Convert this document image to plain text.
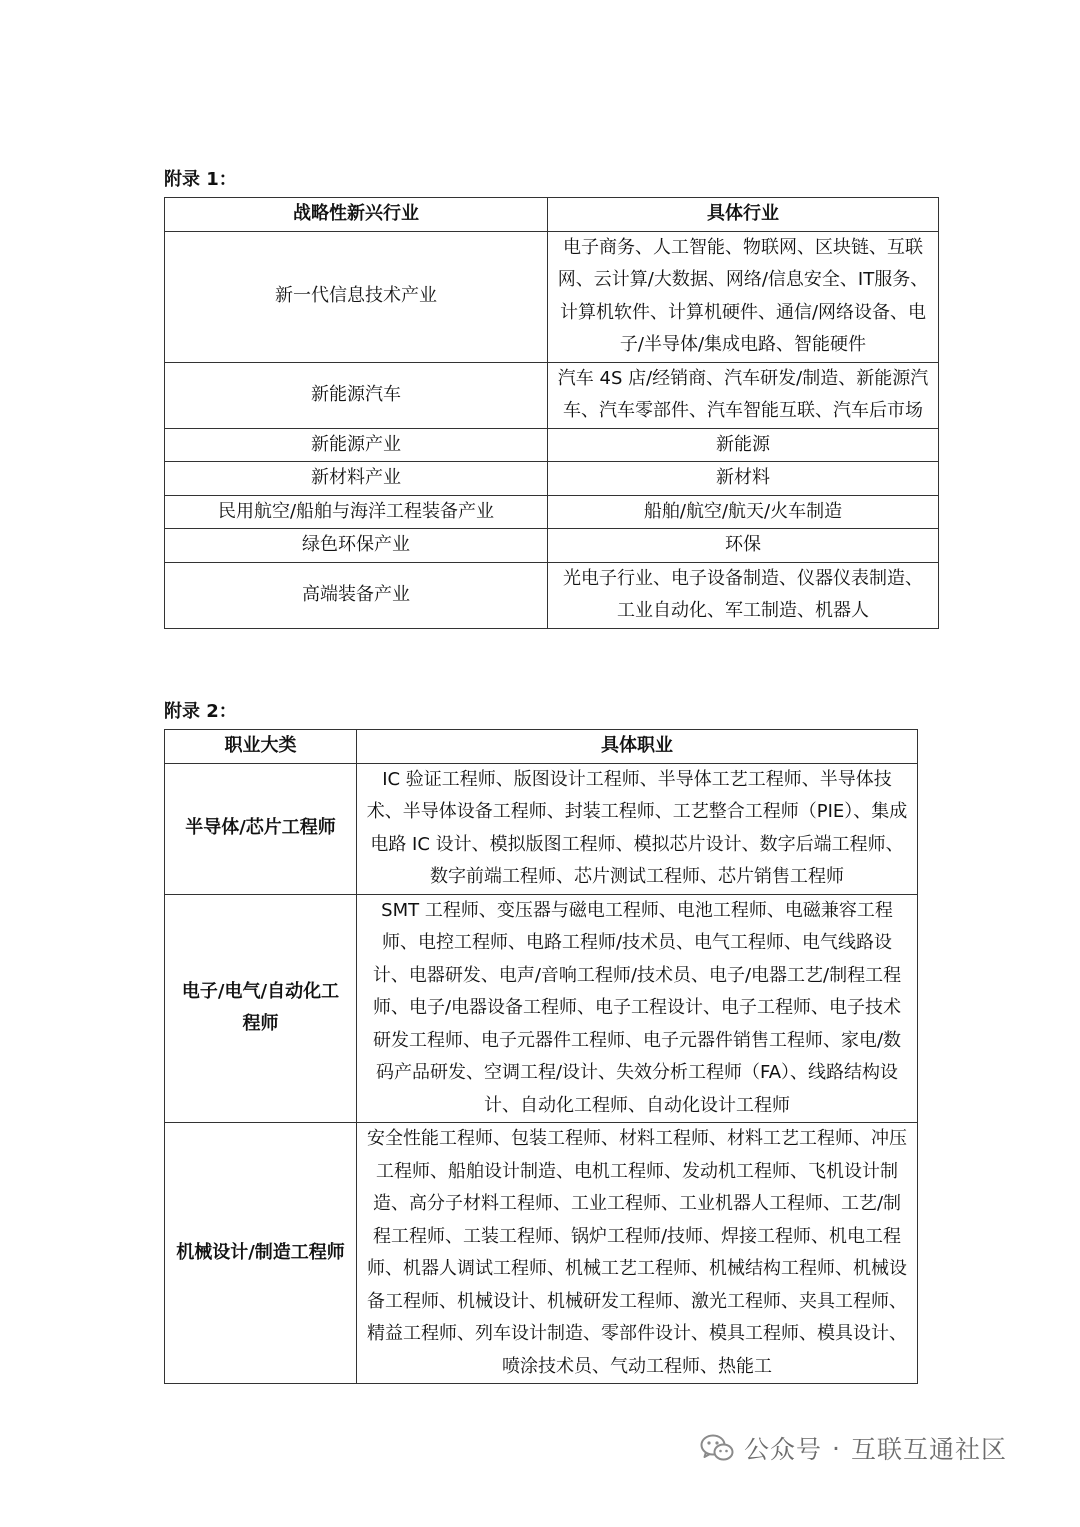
附录 1：
战略性新兴行业	具体行业
新一代信息技术产业	电子商务、人工智能、物联网、区块链、互联网、云计算/大数据、网络/信息安全、IT服务、计算机软件、计算机硬件、通信/网络设备、电子/半导体/集成电路、智能硬件
新能源汽车	汽车 4S 店/经销商、汽车研发/制造、新能源汽车、汽车零部件、汽车智能互联、汽车后市场
新能源产业	新能源
新材料产业	新材料
民用航空/船舶与海洋工程装备产业	船舶/航空/航天/火车制造
绿色环保产业	环保
高端装备产业	光电子行业、电子设备制造、仪器仪表制造、工业自动化、军工制造、机器人
附录 2：
职业大类	具体职业
半导体/芯片工程师	IC 验证工程师、版图设计工程师、半导体工艺工程师、半导体技术、半导体设备工程师、封装工程师、工艺整合工程师（PIE）、集成电路 IC 设计、模拟版图工程师、模拟芯片设计、数字后端工程师、数字前端工程师、芯片测试工程师、芯片销售工程师
电子/电气/自动化工程师	SMT 工程师、变压器与磁电工程师、电池工程师、电磁兼容工程师、电控工程师、电路工程师/技术员、电气工程师、电气线路设计、电器研发、电声/音响工程师/技术员、电子/电器工艺/制程工程师、电子/电器设备工程师、电子工程设计、电子工程师、电子技术研发工程师、电子元器件工程师、电子元器件销售工程师、家电/数码产品研发、空调工程/设计、失效分析工程师（FA）、线路结构设计、自动化工程师、自动化设计工程师
机械设计/制造工程师	安全性能工程师、包装工程师、材料工程师、材料工艺工程师、冲压工程师、船舶设计制造、电机工程师、发动机工程师、飞机设计制造、高分子材料工程师、工业工程师、工业机器人工程师、工艺/制程工程师、工装工程师、锅炉工程师/技师、焊接工程师、机电工程师、机器人调试工程师、机械工艺工程师、机械结构工程师、机械设备工程师、机械设计、机械研发工程师、激光工程师、夹具工程师、精益工程师、列车设计制造、零部件设计、模具工程师、模具设计、喷涂技术员、气动工程师、热能工
公众号 · 互联互通社区
